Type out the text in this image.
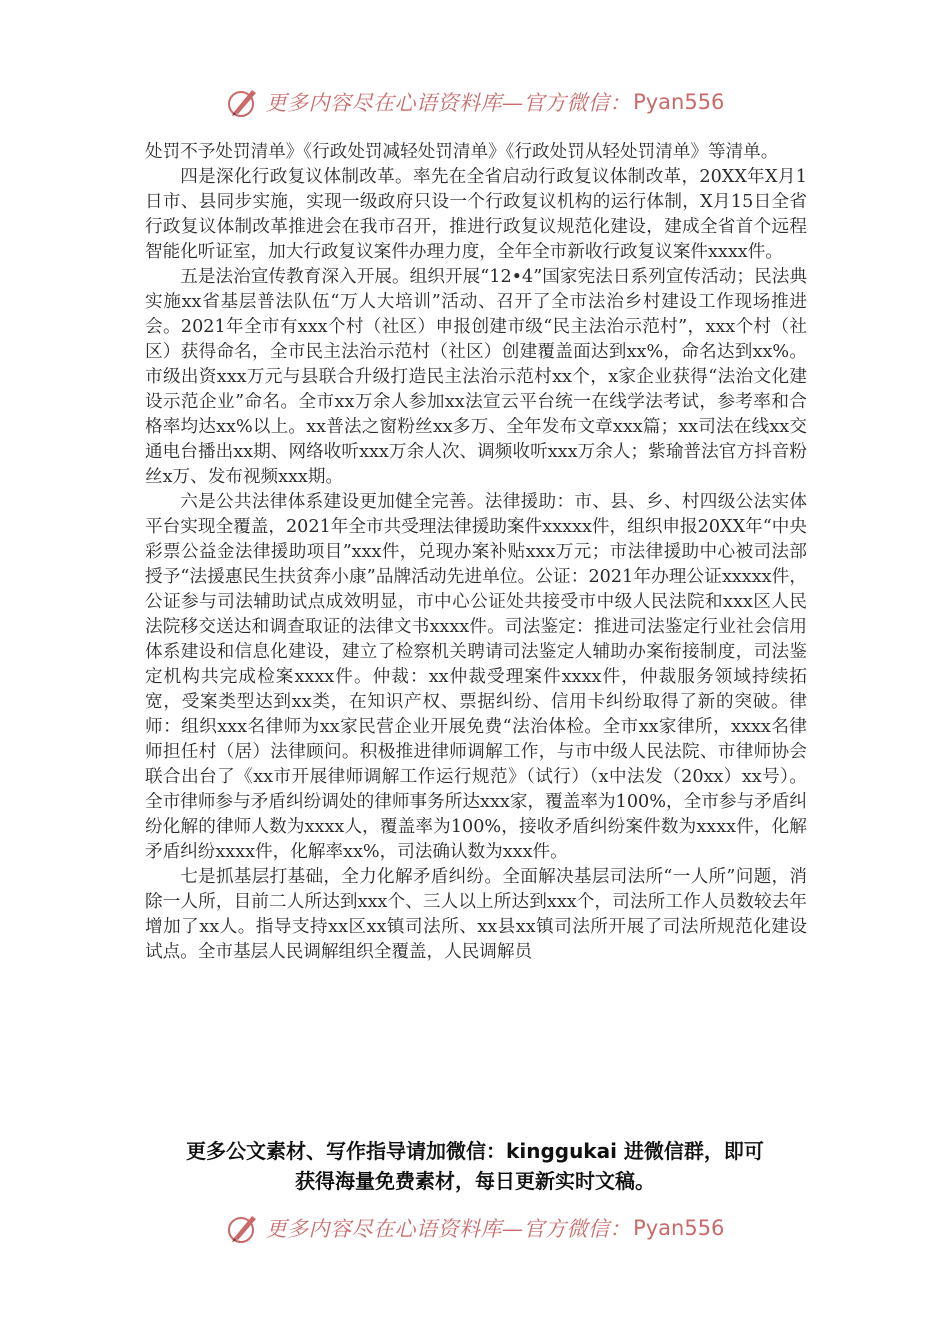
更多内容尽在心语资料库—官方微信： Pyan556

处罚不予处罚清单》《行政处罚减轻处罚清单》《行政处罚从轻处罚清单》等清单。

四是深化行政复议体制改革。率先在全省启动行政复议体制改革，20XX年X月1日市、县同步实施，实现一级政府只设一个行政复议机构的运行体制，X月15日全省行政复议体制改革推进会在我市召开，推进行政复议规范化建设，建成全省首个远程智能化听证室，加大行政复议案件办理力度，全年全市新收行政复议案件xxxx件。

五是法治宣传教育深入开展。组织开展“12•4”国家宪法日系列宣传活动；民法典实施xx省基层普法队伍“万人大培训”活动、召开了全市法治乡村建设工作现场推进会。2021年全市有xxx个村（社区）申报创建市级“民主法治示范村”，xxx个村（社区）获得命名，全市民主法治示范村（社区）创建覆盖面达到xx%，命名达到xx%。市级出资xxx万元与县联合升级打造民主法治示范村xx个，x家企业获得“法治文化建设示范企业”命名。全市xx万余人参加xx法宣云平台统一在线学法考试，参考率和合格率均达xx%以上。xx普法之窗粉丝xx多万、全年发布文章xxx篇；xx司法在线xx交通电台播出xx期、网络收听xxx万余人次、调频收听xxx万余人；紫瑜普法官方抖音粉丝x万、发布视频xxx期。

六是公共法律体系建设更加健全完善。法律援助：市、县、乡、村四级公法实体平台实现全覆盖，2021年全市共受理法律援助案件xxxxx件，组织申报20XX年“中央彩票公益金法律援助项目”xxx件，兑现办案补贴xxx万元；市法律援助中心被司法部授予“法援惠民生扶贫奔小康”品牌活动先进单位。公证：2021年办理公证xxxxx件，公证参与司法辅助试点成效明显，市中心公证处共接受市中级人民法院和xxx区人民法院移交送达和调查取证的法律文书xxxx件。司法鉴定：推进司法鉴定行业社会信用体系建设和信息化建设，建立了检察机关聘请司法鉴定人辅助办案衔接制度，司法鉴定机构共完成检案xxxx件。仲裁：xx仲裁受理案件xxxx件，仲裁服务领域持续拓宽，受案类型达到xx类，在知识产权、票据纠纷、信用卡纠纷取得了新的突破。律师：组织xxx名律师为xx家民营企业开展免费“法治体检。全市xx家律所，xxxx名律师担任村（居）法律顾问。积极推进律师调解工作，与市中级人民法院、市律师协会联合出台了《xx市开展律师调解工作运行规范》（试行）（x中法发（20xx）xx号）。全市律师参与矛盾纠纷调处的律师事务所达xxx家，覆盖率为100%，全市参与矛盾纠纷化解的律师人数为xxxx人，覆盖率为100%，接收矛盾纠纷案件数为xxxx件，化解矛盾纠纷xxxx件，化解率xx%，司法确认数为xxx件。

七是抓基层打基础，全力化解矛盾纠纷。全面解决基层司法所“一人所”问题，消除一人所，目前二人所达到xxx个、三人以上所达到xxx个，司法所工作人员数较去年增加了xx人。指导支持xx区xx镇司法所、xx县xx镇司法所开展了司法所规范化建设试点。全市基层人民调解组织全覆盖，人民调解员

更多公文素材、写作指导请加微信：kinggukai 进微信群，即可
获得海量免费素材，每日更新实时文稿。
更多内容尽在心语资料库—官方微信： Pyan556
